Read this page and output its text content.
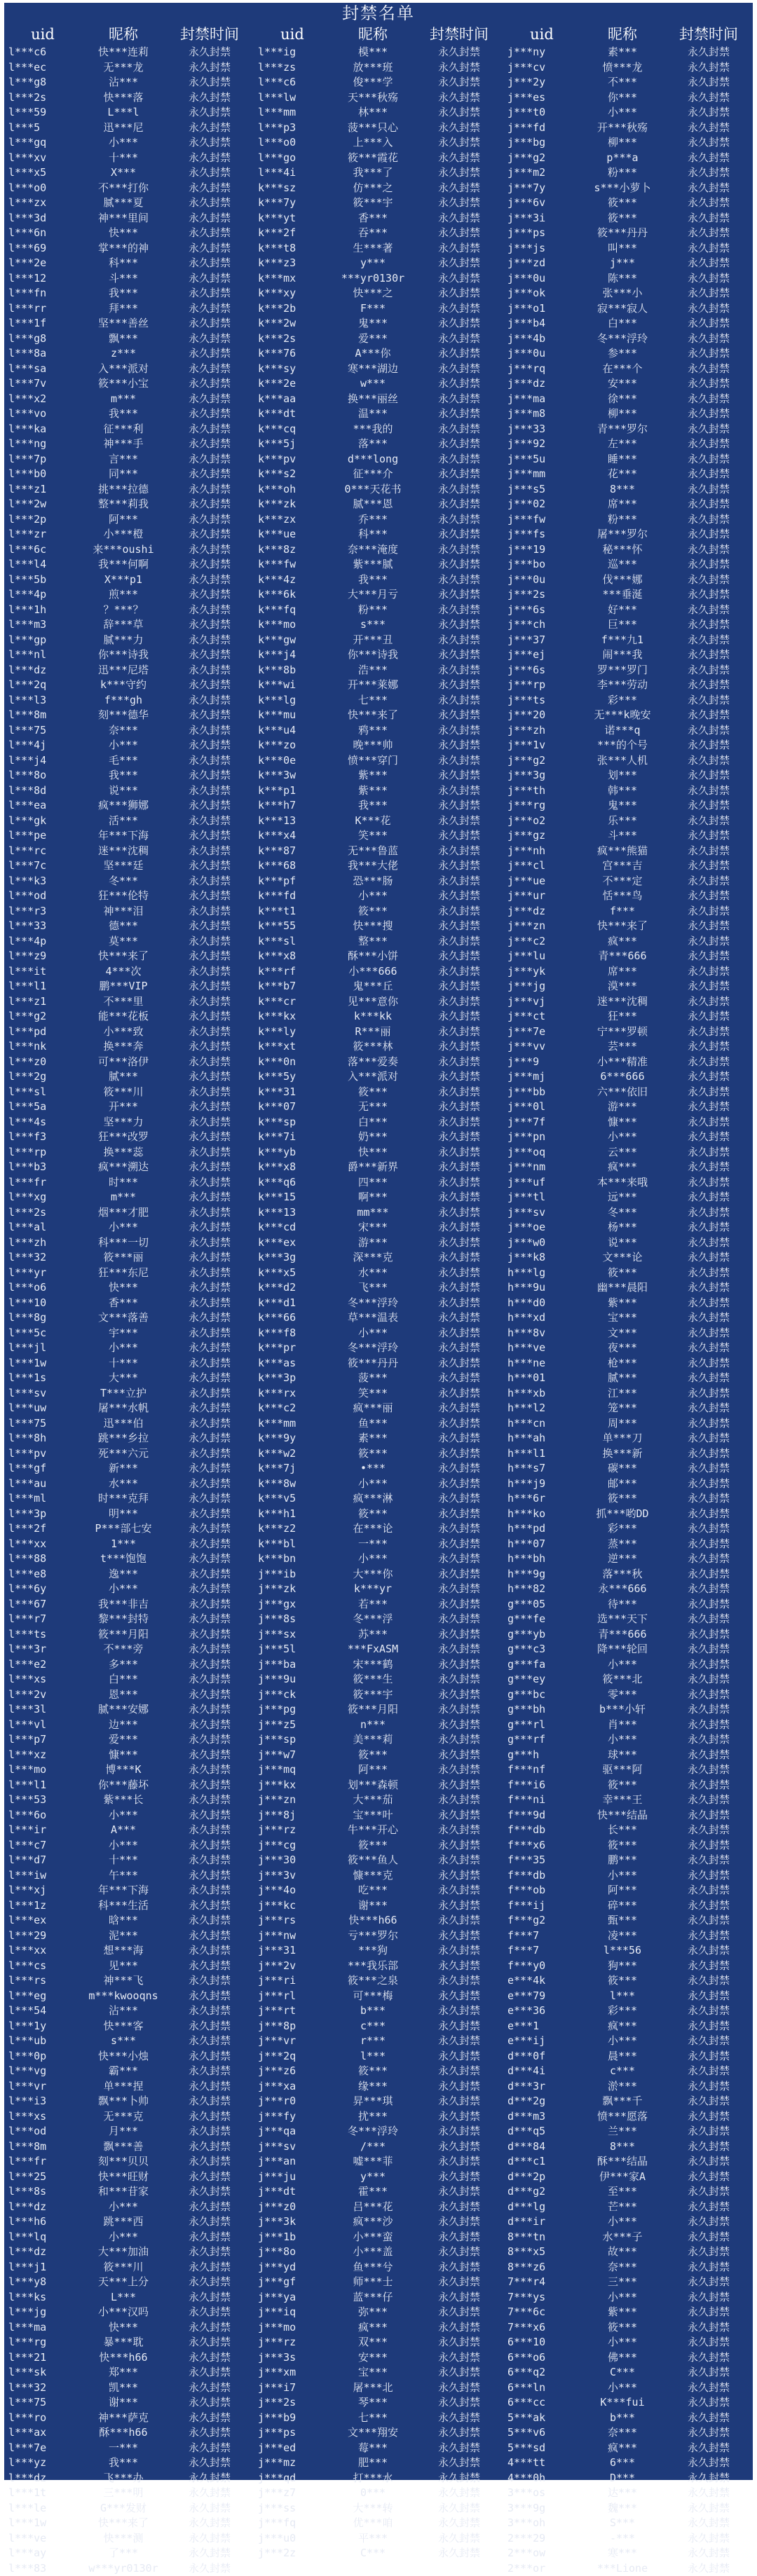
封禁名单
uid	昵称	封禁时间
l***c6	快***连莉	永久封禁
l***ec	无***龙	永久封禁
l***g8	沾***	永久封禁
l***2s	快***落	永久封禁
l***59	L***l	永久封禁
l***5	迅***尼	永久封禁
l***gq	小***	永久封禁
l***xv	十***	永久封禁
l***x5	X***	永久封禁
l***o0	不***打你	永久封禁
l***zx	腻***夏	永久封禁
l***3d	神***里间	永久封禁
l***6n	快***	永久封禁
l***69	掌***的神	永久封禁
l***2e	科***	永久封禁
l***12	斗***	永久封禁
l***fn	我***	永久封禁
l***rr	拜***	永久封禁
l***1f	坚***善丝	永久封禁
l***g8	飘***	永久封禁
l***8a	z***	永久封禁
l***sa	入***派对	永久封禁
l***7v	筱***小宝	永久封禁
l***x2	m***	永久封禁
l***vo	我***	永久封禁
l***ka	征***利	永久封禁
l***ng	神***手	永久封禁
l***7p	言***	永久封禁
l***b0	同***	永久封禁
l***z1	挑***拉德	永久封禁
l***2w	整***莉我	永久封禁
l***2p	阿***	永久封禁
l***zr	小***橙	永久封禁
l***6c	来***oushi	永久封禁
l***l4	我***何啊	永久封禁
l***5b	X***p1	永久封禁
l***4p	煎***	永久封禁
l***1h	？***？	永久封禁
l***m3	辞***草	永久封禁
l***gp	腻***力	永久封禁
l***nl	你***诗我	永久封禁
l***dz	迅***尼塔	永久封禁
l***2q	k***守约	永久封禁
l***l3	f***gh	永久封禁
l***8m	刻***德华	永久封禁
l***75	奈***	永久封禁
l***4j	小***	永久封禁
l***j4	毛***	永久封禁
l***8o	我***	永久封禁
l***8d	说***	永久封禁
l***ea	疯***狮娜	永久封禁
l***gk	活***	永久封禁
l***pe	年***下海	永久封禁
l***rc	迷***沈稠	永久封禁
l***7c	坚***廷	永久封禁
l***k3	冬***	永久封禁
l***od	狂***伦特	永久封禁
l***r3	神***泪	永久封禁
l***33	德***	永久封禁
l***4p	莫***	永久封禁
l***z9	快***来了	永久封禁
l***it	4***次	永久封禁
l***l1	鹏***VIP	永久封禁
l***z1	不***里	永久封禁
l***g2	能***花板	永久封禁
l***pd	小***致	永久封禁
l***nk	换***奔	永久封禁
l***z0	可***洛伊	永久封禁
l***2g	腻***	永久封禁
l***sl	筱***川	永久封禁
l***5a	开***	永久封禁
l***4s	坚***力	永久封禁
l***f3	狂***改罗	永久封禁
l***rp	换***蕊	永久封禁
l***b3	疯***溯达	永久封禁
l***fr	时***	永久封禁
l***xg	m***	永久封禁
l***2s	烟***才肥	永久封禁
l***al	小***	永久封禁
l***zh	科***一切	永久封禁
l***32	筱***丽	永久封禁
l***yr	狂***东尼	永久封禁
l***o6	快***	永久封禁
l***10	香***	永久封禁
l***8g	文***落善	永久封禁
l***5c	宇***	永久封禁
l***jl	小***	永久封禁
l***1w	十***	永久封禁
l***1s	大***	永久封禁
l***sv	T***立护	永久封禁
l***uw	屠***水帆	永久封禁
l***75	迅***伯	永久封禁
l***8h	跳***乡拉	永久封禁
l***pv	死***六元	永久封禁
l***gf	新***	永久封禁
l***au	水***	永久封禁
l***ml	时***克拜	永久封禁
l***3p	明***	永久封禁
l***2f	P***部七安	永久封禁
l***xx	1***	永久封禁
l***88	t***饱饱	永久封禁
l***e8	逸***	永久封禁
l***6y	小***	永久封禁
l***67	我***非吉	永久封禁
l***r7	黎***封特	永久封禁
l***ts	筱***月阳	永久封禁
l***3r	不***旁	永久封禁
l***e2	多***	永久封禁
l***xs	白***	永久封禁
l***2v	恩***	永久封禁
l***3l	腻***安娜	永久封禁
l***vl	边***	永久封禁
l***p7	爱***	永久封禁
l***xz	慷***	永久封禁
l***mo	博***K	永久封禁
l***l1	你***藤坏	永久封禁
l***53	紫***长	永久封禁
l***6o	小***	永久封禁
l***ir	A***	永久封禁
l***c7	小***	永久封禁
l***d7	十***	永久封禁
l***iw	午***	永久封禁
l***xj	年***下海	永久封禁
l***1z	科***生活	永久封禁
l***ex	晗***	永久封禁
l***29	泥***	永久封禁
l***xx	想***海	永久封禁
l***cs	见***	永久封禁
l***rs	神***飞	永久封禁
l***eg	m***kwooqns	永久封禁
l***54	沾***	永久封禁
l***1y	快***客	永久封禁
l***ub	s***	永久封禁
l***0p	快***小烛	永久封禁
l***vg	霸***	永久封禁
l***vr	单***捏	永久封禁
l***i3	飘***卜帅	永久封禁
l***xs	无***克	永久封禁
l***od	月***	永久封禁
l***8m	飘***善	永久封禁
l***fr	刻***贝贝	永久封禁
l***25	快***旺财	永久封禁
l***8s	和***苷家	永久封禁
l***dz	小***	永久封禁
l***h6	跳***西	永久封禁
l***lq	小***	永久封禁
l***dz	大***加油	永久封禁
l***j1	筱***川	永久封禁
l***y8	天***上分	永久封禁
l***ks	L***	永久封禁
l***jg	小***汉吗	永久封禁
l***ma	快***	永久封禁
l***rg	暴***耽	永久封禁
l***21	快***h66	永久封禁
l***sk	郑***	永久封禁
l***32	凯***	永久封禁
l***75	谢***	永久封禁
l***ro	神***萨克	永久封禁
l***ax	酥***h66	永久封禁
l***7e	一***	永久封禁
l***yz	我***	永久封禁
l***dz	飞***办	永久封禁
l***1t	三***明	永久封禁
l***le	G***发财	永久封禁
l***1w	快***来了	永久封禁
l***ve	快***测	永久封禁
l***ay	了***	永久封禁
l***83	w***yr0130r	永久封禁
uid	昵称	封禁时间
l***ig	模***	永久封禁
l***zs	放***班	永久封禁
l***c6	俊***学	永久封禁
l***lw	天***秋殇	永久封禁
l***mm	林***	永久封禁
l***p3	菠***只心	永久封禁
l***o0	上***入	永久封禁
l***go	筱***霞花	永久封禁
l***4i	我***了	永久封禁
k***sz	仿***之	永久封禁
k***7y	筱***宇	永久封禁
k***yt	香***	永久封禁
k***2f	吞***	永久封禁
k***t8	生***著	永久封禁
k***z3	y***	永久封禁
k***mx	***yr0130r	永久封禁
k***xy	快***之	永久封禁
k***2b	F***	永久封禁
k***2w	鬼***	永久封禁
k***2s	爱***	永久封禁
k***76	A***你	永久封禁
k***sy	寒***湖边	永久封禁
k***2e	w***	永久封禁
k***aa	换***丽丝	永久封禁
k***dt	温***	永久封禁
k***cq	***我的	永久封禁
k***5j	落***	永久封禁
k***pv	d***long	永久封禁
k***s2	征***介	永久封禁
k***oh	0***天花书	永久封禁
k***zk	腻***恩	永久封禁
k***zx	乔***	永久封禁
k***ue	科***	永久封禁
k***8z	奈***淹度	永久封禁
k***fw	紫***腻	永久封禁
k***4z	我***	永久封禁
k***6k	大***月亏	永久封禁
k***fq	粉***	永久封禁
k***mo	s***	永久封禁
k***gw	开***丑	永久封禁
k***j4	你***诗我	永久封禁
k***8b	浩***	永久封禁
k***wi	开***莱娜	永久封禁
k***lg	七***	永久封禁
k***mu	快***来了	永久封禁
k***u4	鸦***	永久封禁
k***zo	晚***帅	永久封禁
k***0e	愤***穿门	永久封禁
k***3w	紫***	永久封禁
k***p1	紫***	永久封禁
k***h7	我***	永久封禁
k***13	K***花	永久封禁
k***x4	笑***	永久封禁
k***87	无***鲁蓝	永久封禁
k***68	我***大佬	永久封禁
k***pf	恐***肠	永久封禁
k***fd	小***	永久封禁
k***t1	筱***	永久封禁
k***55	快***搜	永久封禁
k***sl	整***	永久封禁
k***x8	酥***小饼	永久封禁
k***rf	小***666	永久封禁
k***b7	鬼***丘	永久封禁
k***cr	见***意你	永久封禁
k***kx	k***kk	永久封禁
k***ly	R***丽	永久封禁
k***xt	筱***林	永久封禁
k***0n	落***爱奏	永久封禁
k***5y	入***派对	永久封禁
k***31	筱***	永久封禁
k***07	无***	永久封禁
k***sp	白***	永久封禁
k***7i	奶***	永久封禁
k***yb	快***	永久封禁
k***x8	爵***新界	永久封禁
k***q6	四***	永久封禁
k***15	啊***	永久封禁
k***13	mm***	永久封禁
k***cd	宋***	永久封禁
k***ex	游***	永久封禁
k***3g	深***克	永久封禁
k***x5	水***	永久封禁
k***d2	飞***	永久封禁
k***d1	冬***浮玲	永久封禁
k***66	草***温表	永久封禁
k***f8	小***	永久封禁
k***pr	冬***浮玲	永久封禁
k***as	筱***丹丹	永久封禁
k***3p	菠***	永久封禁
k***rx	笑***	永久封禁
k***c2	疯***丽	永久封禁
k***mm	鱼***	永久封禁
k***9y	素***	永久封禁
k***w2	筱***	永久封禁
k***7j	•***	永久封禁
k***8w	小***	永久封禁
k***v5	疯***淋	永久封禁
k***h1	筱***	永久封禁
k***z2	在***论	永久封禁
k***bl	一***	永久封禁
k***bn	小***	永久封禁
j***ib	大***你	永久封禁
j***zk	k***yr	永久封禁
j***gx	若***	永久封禁
j***8s	冬***浮	永久封禁
j***sx	苏***	永久封禁
j***5l	***FxASM	永久封禁
j***ba	宋***鹤	永久封禁
j***9u	筱***生	永久封禁
j***ck	筱***宇	永久封禁
j***pg	筱***月阳	永久封禁
j***z5	n***	永久封禁
j***sp	美***莉	永久封禁
j***w7	筱***	永久封禁
j***mq	阿***	永久封禁
j***kx	划***森顿	永久封禁
j***zn	大***茄	永久封禁
j***8j	宝***叶	永久封禁
j***rz	牛***开心	永久封禁
j***cg	筱***	永久封禁
j***30	筱***鱼人	永久封禁
j***3v	慷***克	永久封禁
j***4o	吃***	永久封禁
j***kc	谢***	永久封禁
j***rs	快***h66	永久封禁
j***nw	亏***罗尔	永久封禁
j***31	***狗	永久封禁
j***2v	***我乐部	永久封禁
j***ri	筱***之泉	永久封禁
j***rl	可***梅	永久封禁
j***rt	b***	永久封禁
j***8p	c***	永久封禁
j***vr	r***	永久封禁
j***2q	l***	永久封禁
j***z6	筱***	永久封禁
j***xa	缘***	永久封禁
j***r0	昇***琪	永久封禁
j***fy	扰***	永久封禁
j***qa	冬***浮玲	永久封禁
j***sv	/***	永久封禁
j***an	嘘***菲	永久封禁
j***ju	y***	永久封禁
j***dt	霍***	永久封禁
j***z0	吕***花	永久封禁
j***3k	疯***沙	永久封禁
j***1b	小***蛮	永久封禁
j***8o	小***盖	永久封禁
j***yd	鱼***兮	永久封禁
j***gf	师***士	永久封禁
j***ya	蓝***仔	永久封禁
j***iq	弥***	永久封禁
j***mo	疯***	永久封禁
j***rz	双***	永久封禁
j***3s	安***	永久封禁
j***xm	宝***	永久封禁
j***i7	屠***北	永久封禁
j***2s	琴***	永久封禁
j***b9	七***	永久封禁
j***ps	文***翔安	永久封禁
j***ed	莓***	永久封禁
j***mz	肥***	永久封禁
j***qd	打***水	永久封禁
j***z7	0***	永久封禁
j***ss	大***转	永久封禁
j***fq	优***咱	永久封禁
j***u0	平***	永久封禁
j***2z	C***	永久封禁
uid	昵称	封禁时间
j***ny	素***	永久封禁
j***cv	愤***龙	永久封禁
j***2y	不***	永久封禁
j***es	你***	永久封禁
j***t0	小***	永久封禁
j***fd	开***秋殇	永久封禁
j***bg	柳***	永久封禁
j***g2	p***a	永久封禁
j***m2	粉***	永久封禁
j***7y	s***小萝卜	永久封禁
j***6v	筱***	永久封禁
j***3i	筱***	永久封禁
j***ps	筱***丹丹	永久封禁
j***js	叫***	永久封禁
j***zd	j***	永久封禁
j***0u	陈***	永久封禁
j***ok	张***小	永久封禁
j***o1	寂***寂人	永久封禁
j***b4	白***	永久封禁
j***4b	冬***浮玲	永久封禁
j***0u	参***	永久封禁
j***rq	在***个	永久封禁
j***dz	安***	永久封禁
j***ma	徐***	永久封禁
j***m8	柳***	永久封禁
j***33	青***罗尔	永久封禁
j***92	左***	永久封禁
j***5u	睡***	永久封禁
j***mm	花***	永久封禁
j***s5	8***	永久封禁
j***02	席***	永久封禁
j***fw	粉***	永久封禁
j***fs	屠***罗尔	永久封禁
j***19	秘***怀	永久封禁
j***bo	巡***	永久封禁
j***0u	伐***娜	永久封禁
j***2s	***垂涎	永久封禁
j***6s	好***	永久封禁
j***ch	巨***	永久封禁
j***37	f***九1	永久封禁
j***ej	闹***我	永久封禁
j***6s	罗***罗门	永久封禁
j***rp	李***劳动	永久封禁
j***ts	彩***	永久封禁
j***20	无***k晚安	永久封禁
j***zh	诺***q	永久封禁
j***1v	***的个号	永久封禁
j***g2	张***人机	永久封禁
j***3g	划***	永久封禁
j***th	韩***	永久封禁
j***rg	鬼***	永久封禁
j***o2	乐***	永久封禁
j***gz	斗***	永久封禁
j***nh	疯***熊猫	永久封禁
j***cl	宫***吉	永久封禁
j***ue	不***定	永久封禁
j***ur	恬***鸟	永久封禁
j***dz	f***	永久封禁
j***zn	快***来了	永久封禁
j***c2	疯***	永久封禁
j***lu	青***666	永久封禁
j***yk	席***	永久封禁
j***jg	漠***	永久封禁
j***vj	迷***沈稠	永久封禁
j***ct	狂***	永久封禁
j***7e	宁***罗顿	永久封禁
j***vv	芸***	永久封禁
j***9	小***精准	永久封禁
j***mj	6***666	永久封禁
j***bb	六***依旧	永久封禁
j***0l	游***	永久封禁
j***7f	慷***	永久封禁
j***pn	小***	永久封禁
j***oq	云***	永久封禁
j***nm	疯***	永久封禁
j***uf	本***来哦	永久封禁
j***tl	远***	永久封禁
j***sv	冬***	永久封禁
j***oe	杨***	永久封禁
j***w0	说***	永久封禁
j***k8	文***论	永久封禁
h***lg	筱***	永久封禁
h***9u	幽***晨阳	永久封禁
h***d0	紫***	永久封禁
h***xd	宝***	永久封禁
h***8v	文***	永久封禁
h***ve	夜***	永久封禁
h***ne	枪***	永久封禁
h***01	腻***	永久封禁
h***xb	江***	永久封禁
h***l2	笼***	永久封禁
h***cn	周***	永久封禁
h***ah	单***刀	永久封禁
h***l1	换***新	永久封禁
h***s7	碳***	永久封禁
h***j9	邮***	永久封禁
h***6r	筱***	永久封禁
h***ko	抓***哟DD	永久封禁
h***pd	彩***	永久封禁
h***07	蒸***	永久封禁
h***bh	逆***	永久封禁
h***9g	落***秋	永久封禁
h***82	永***666	永久封禁
g***05	待***	永久封禁
g***fe	选***天下	永久封禁
g***yb	青***666	永久封禁
g***c3	降***轮回	永久封禁
g***fa	小***	永久封禁
g***ey	筱***北	永久封禁
g***bc	零***	永久封禁
g***bh	b***小轩	永久封禁
g***rl	肖***	永久封禁
g***rf	小***	永久封禁
g***h	球***	永久封禁
f***nf	驱***阿	永久封禁
f***i6	筱***	永久封禁
f***ni	幸***王	永久封禁
f***9d	快***结晶	永久封禁
f***db	长***	永久封禁
f***x6	筱***	永久封禁
f***35	鹏***	永久封禁
f***db	小***	永久封禁
f***ob	阿***	永久封禁
f***ij	碎***	永久封禁
f***g2	甄***	永久封禁
f***7	凌***	永久封禁
f***7	l***56	永久封禁
f***y0	狗***	永久封禁
e***4k	筱***	永久封禁
e***79	l***	永久封禁
e***36	彩***	永久封禁
e***1	疯***	永久封禁
e***ij	小***	永久封禁
d***0f	晨***	永久封禁
d***4i	c***	永久封禁
d***3r	淤***	永久封禁
d***2g	飘***千	永久封禁
d***m3	愤***愿落	永久封禁
d***q5	兰***	永久封禁
d***84	8***	永久封禁
d***c1	酥***结晶	永久封禁
d***2p	伊***家A	永久封禁
d***g2	至***	永久封禁
d***lg	芒***	永久封禁
d***ir	小***	永久封禁
8***tn	水***子	永久封禁
8***x5	故***	永久封禁
8***z6	奈***	永久封禁
7***r4	三***	永久封禁
7***ys	小***	永久封禁
7***6c	紫***	永久封禁
7***x6	筱***	永久封禁
6***10	小***	永久封禁
6***o6	佛***	永久封禁
6***q2	C***	永久封禁
6***ln	小***	永久封禁
6***cc	K***fui	永久封禁
5***ak	b***	永久封禁
5***v6	奈***	永久封禁
5***sd	疯***	永久封禁
4***tt	6***	永久封禁
4***0h	D***	永久封禁
3***os	达***	永久封禁
3***9g	魏***	永久封禁
3***oh	S***	永久封禁
2***29	-***	永久封禁
2***ow	寒***	永久封禁
2***or	***Lione	永久封禁
